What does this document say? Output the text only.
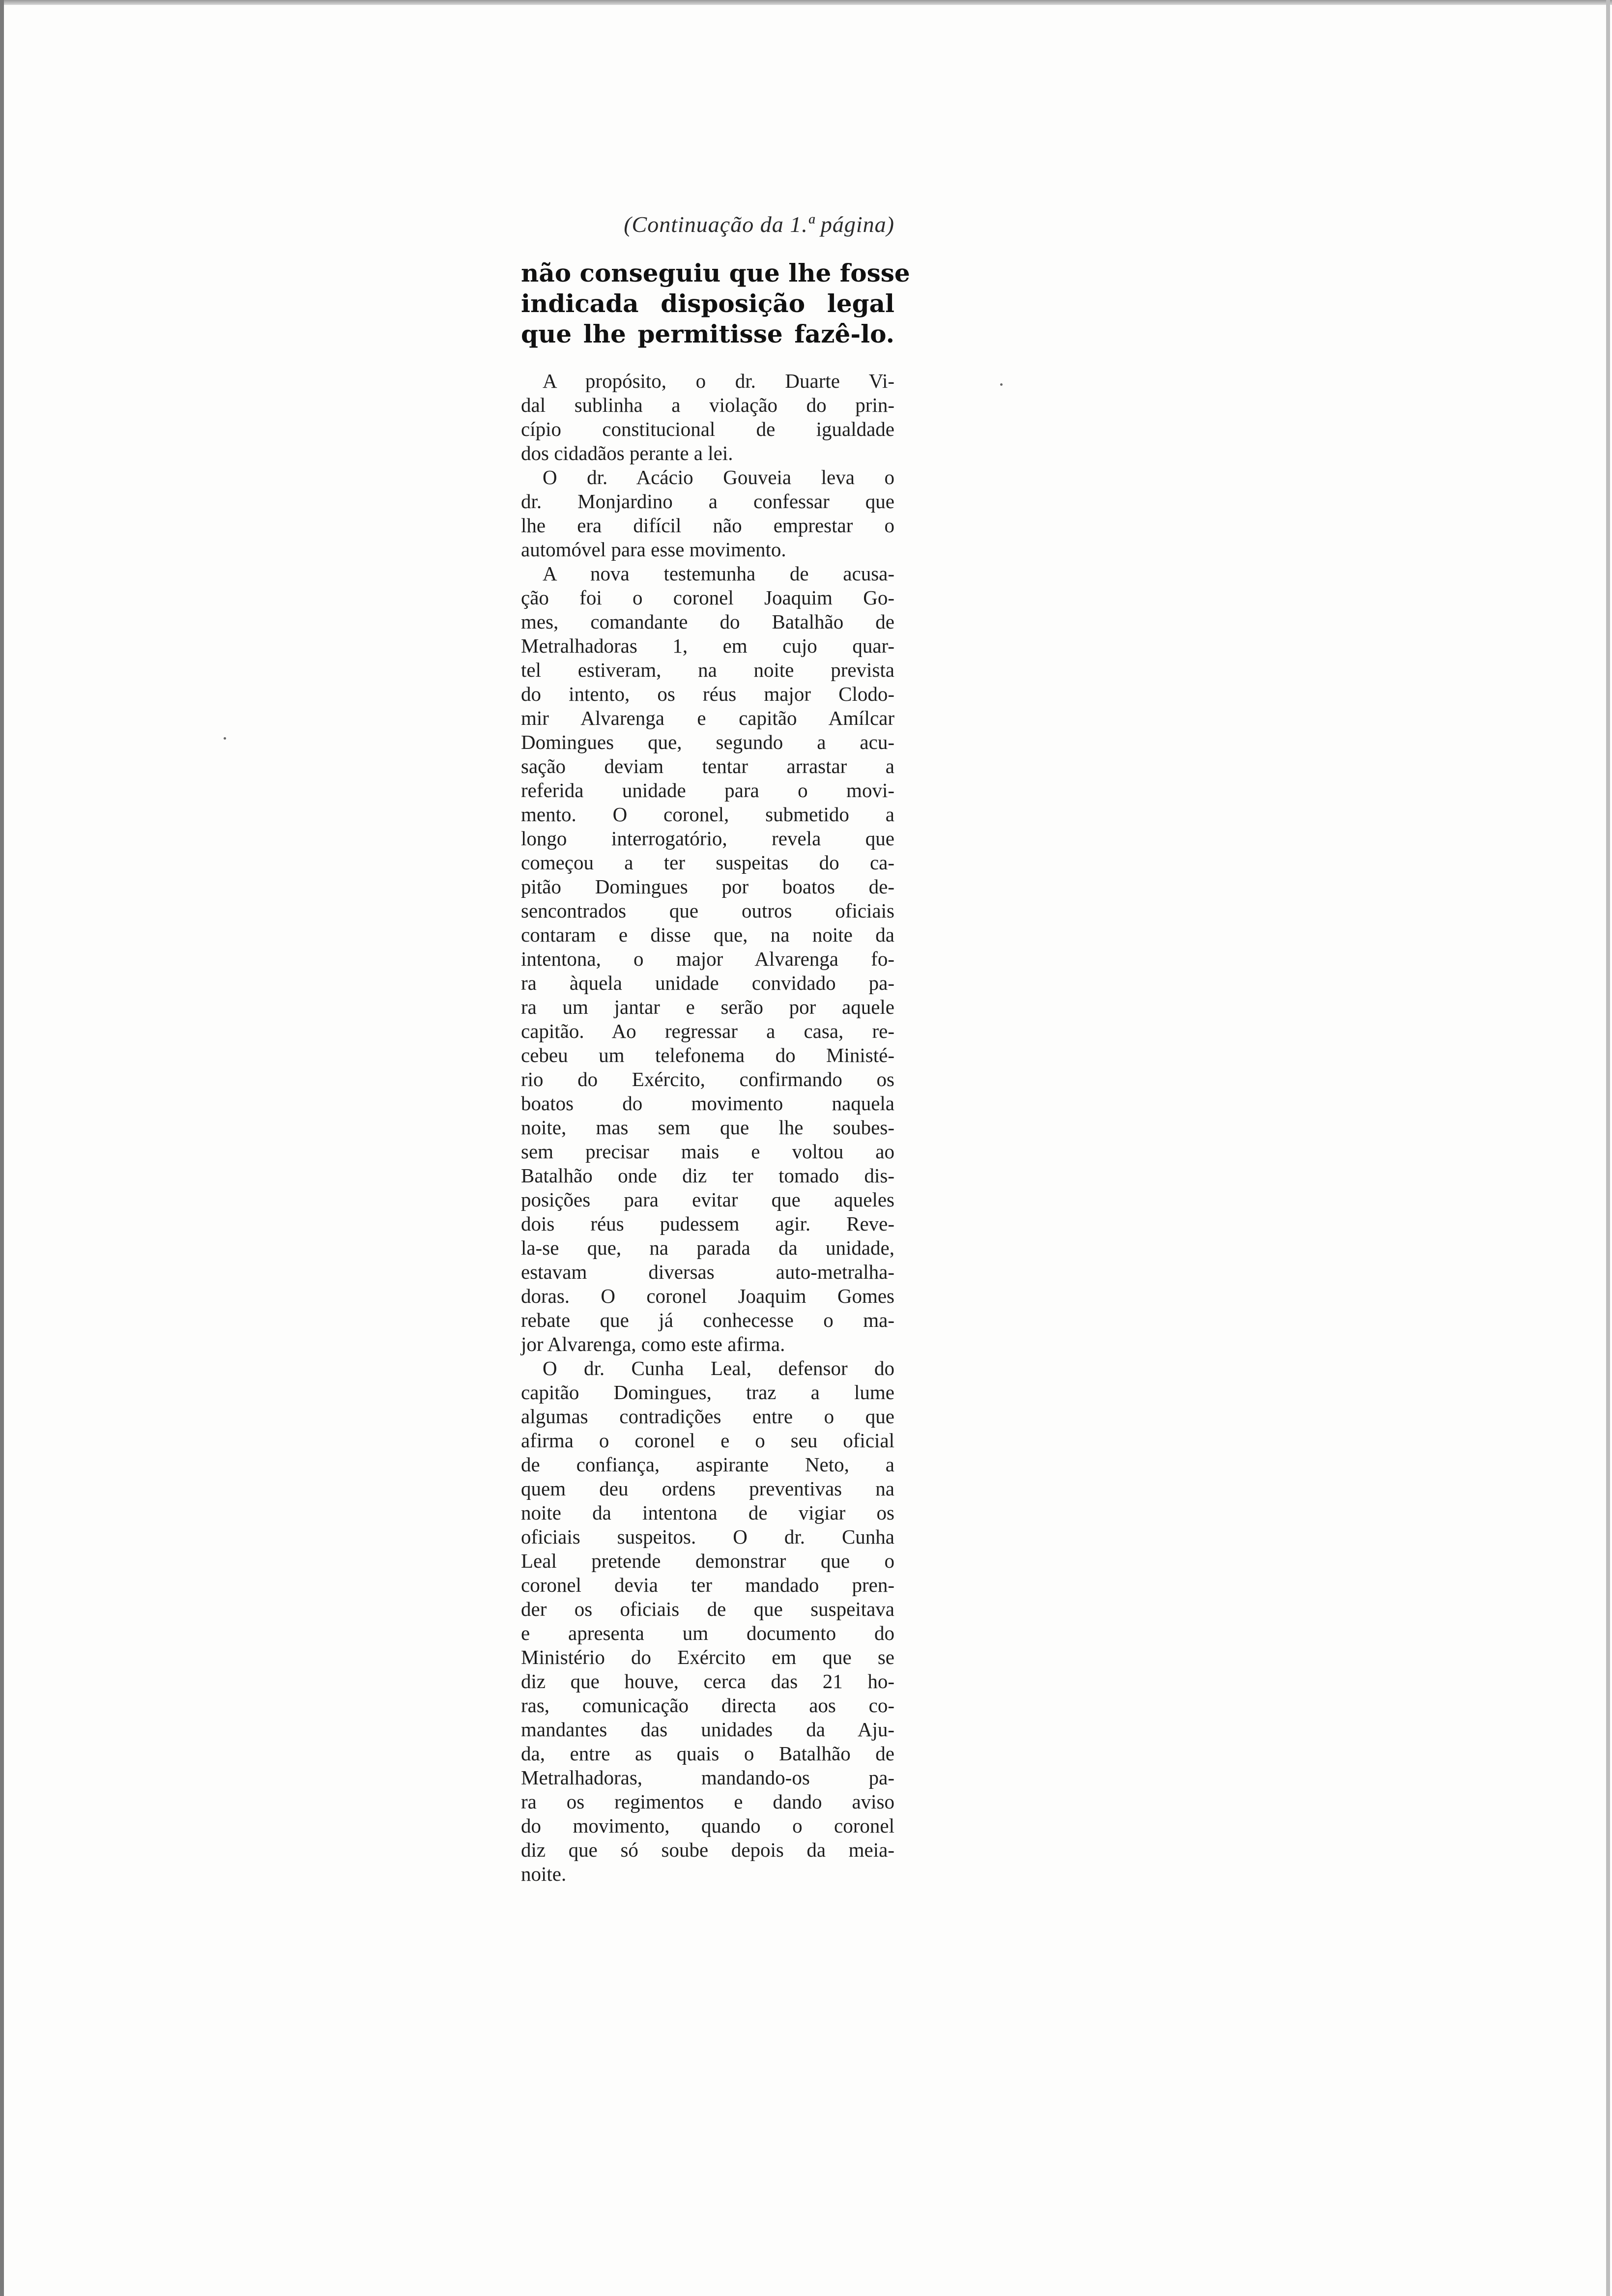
(Continuação da 1.ª página)
não conseguiu que lhe fosse
indicada disposição legal
que lhe permitisse fazê-lo.
A propósito, o dr. Duarte Vi-
dal sublinha a violação do prin-
cípio constitucional de igualdade
dos cidadãos perante a lei.
O dr. Acácio Gouveia leva o
dr. Monjardino a confessar que
lhe era difícil não emprestar o
automóvel para esse movimento.
A nova testemunha de acusa-
ção foi o coronel Joaquim Go-
mes, comandante do Batalhão de
Metralhadoras 1, em cujo quar-
tel estiveram, na noite prevista
do intento, os réus major Clodo-
mir Alvarenga e capitão Amílcar
Domingues que, segundo a acu-
sação deviam tentar arrastar a
referida unidade para o movi-
mento. O coronel, submetido a
longo interrogatório, revela que
começou a ter suspeitas do ca-
pitão Domingues por boatos de-
sencontrados que outros oficiais
contaram e disse que, na noite da
intentona, o major Alvarenga fo-
ra àquela unidade convidado pa-
ra um jantar e serão por aquele
capitão. Ao regressar a casa, re-
cebeu um telefonema do Ministé-
rio do Exército, confirmando os
boatos do movimento naquela
noite, mas sem que lhe soubes-
sem precisar mais e voltou ao
Batalhão onde diz ter tomado dis-
posições para evitar que aqueles
dois réus pudessem agir. Reve-
la-se que, na parada da unidade,
estavam diversas auto-metralha-
doras. O coronel Joaquim Gomes
rebate que já conhecesse o ma-
jor Alvarenga, como este afirma.
O dr. Cunha Leal, defensor do
capitão Domingues, traz a lume
algumas contradições entre o que
afirma o coronel e o seu oficial
de confiança, aspirante Neto, a
quem deu ordens preventivas na
noite da intentona de vigiar os
oficiais suspeitos. O dr. Cunha
Leal pretende demonstrar que o
coronel devia ter mandado pren-
der os oficiais de que suspeitava
e apresenta um documento do
Ministério do Exército em que se
diz que houve, cerca das 21 ho-
ras, comunicação directa aos co-
mandantes das unidades da Aju-
da, entre as quais o Batalhão de
Metralhadoras, mandando-os pa-
ra os regimentos e dando aviso
do movimento, quando o coronel
diz que só soube depois da meia-
noite.
